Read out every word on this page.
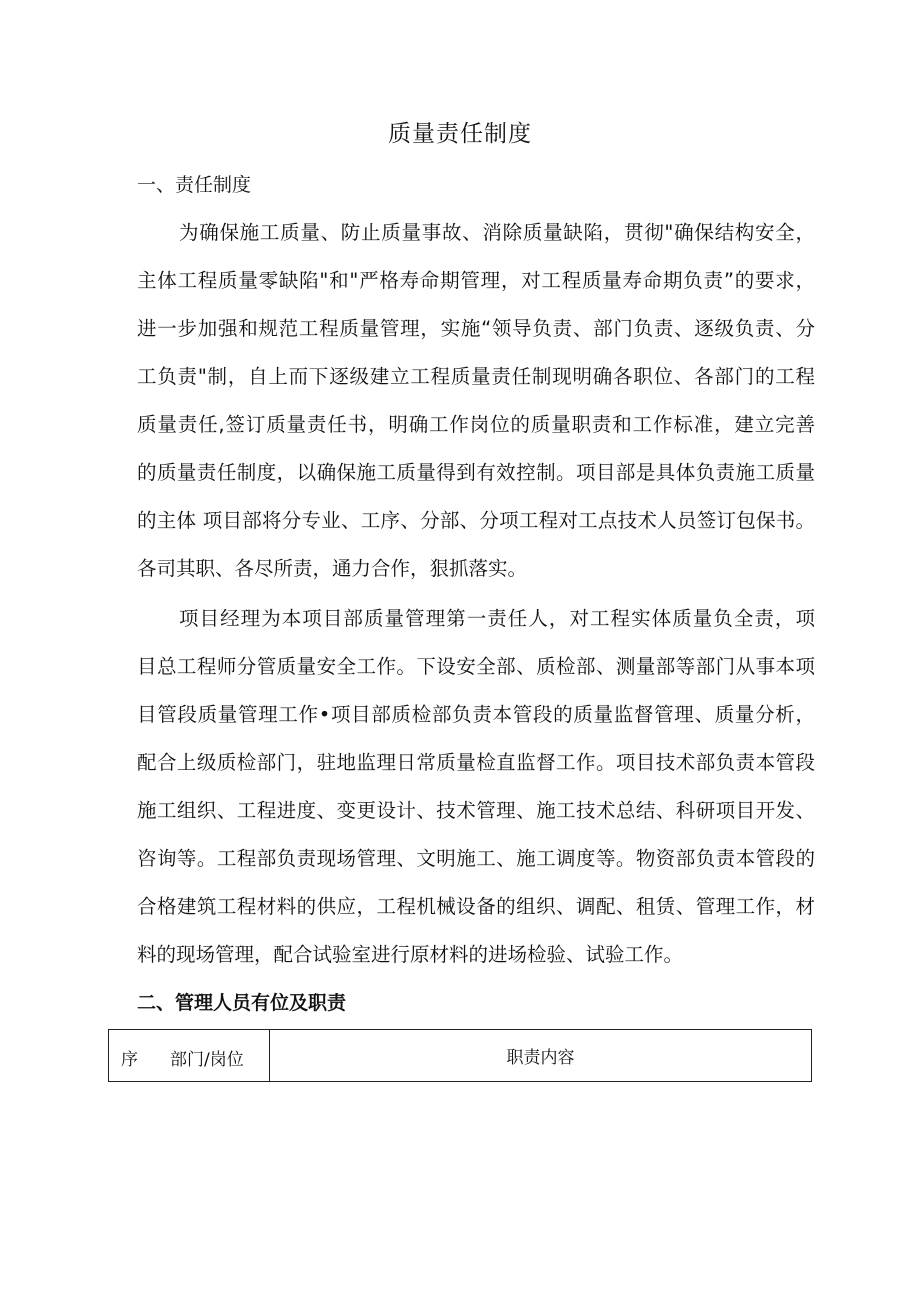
质量责任制度
一、责任制度
为确保施工质量、防止质量事故、消除质量缺陷，贯彻"确保结构安全，
主体工程质量零缺陷"和"严格寿命期管理，对工程质量寿命期负责”的要求，
进一步加强和规范工程质量管理，实施“领导负责、部门负责、逐级负责、分
工负责"制，自上而下逐级建立工程质量责任制现明确各职位、各部门的工程
质量责任,签订质量责任书，明确工作岗位的质量职责和工作标准，建立完善
的质量责任制度，以确保施工质量得到有效控制。项目部是具体负责施工质量
的主体 项目部将分专业、工序、分部、分项工程对工点技术人员签订包保书。
各司其职、各尽所责，通力合作，狠抓落实。
项目经理为本项目部质量管理第一责任人，对工程实体质量负全责，项
目总工程师分管质量安全工作。下设安全部、质检部、测量部等部门从事本项
目管段质量管理工作•项目部质检部负责本管段的质量监督管理、质量分析，
配合上级质检部门，驻地监理日常质量检直监督工作。项目技术部负责本管段
施工组织、工程进度、变更设计、技术管理、施工技术总结、科研项目开发、
咨询等。工程部负责现场管理、文明施工、施工调度等。物资部负责本管段的
合格建筑工程材料的供应，工程机械设备的组织、调配、租赁、管理工作，材
料的现场管理，配合试验室进行原材料的进场检验、试验工作。
二、管理人员有位及职责
序 部门/岗位	职责内容
